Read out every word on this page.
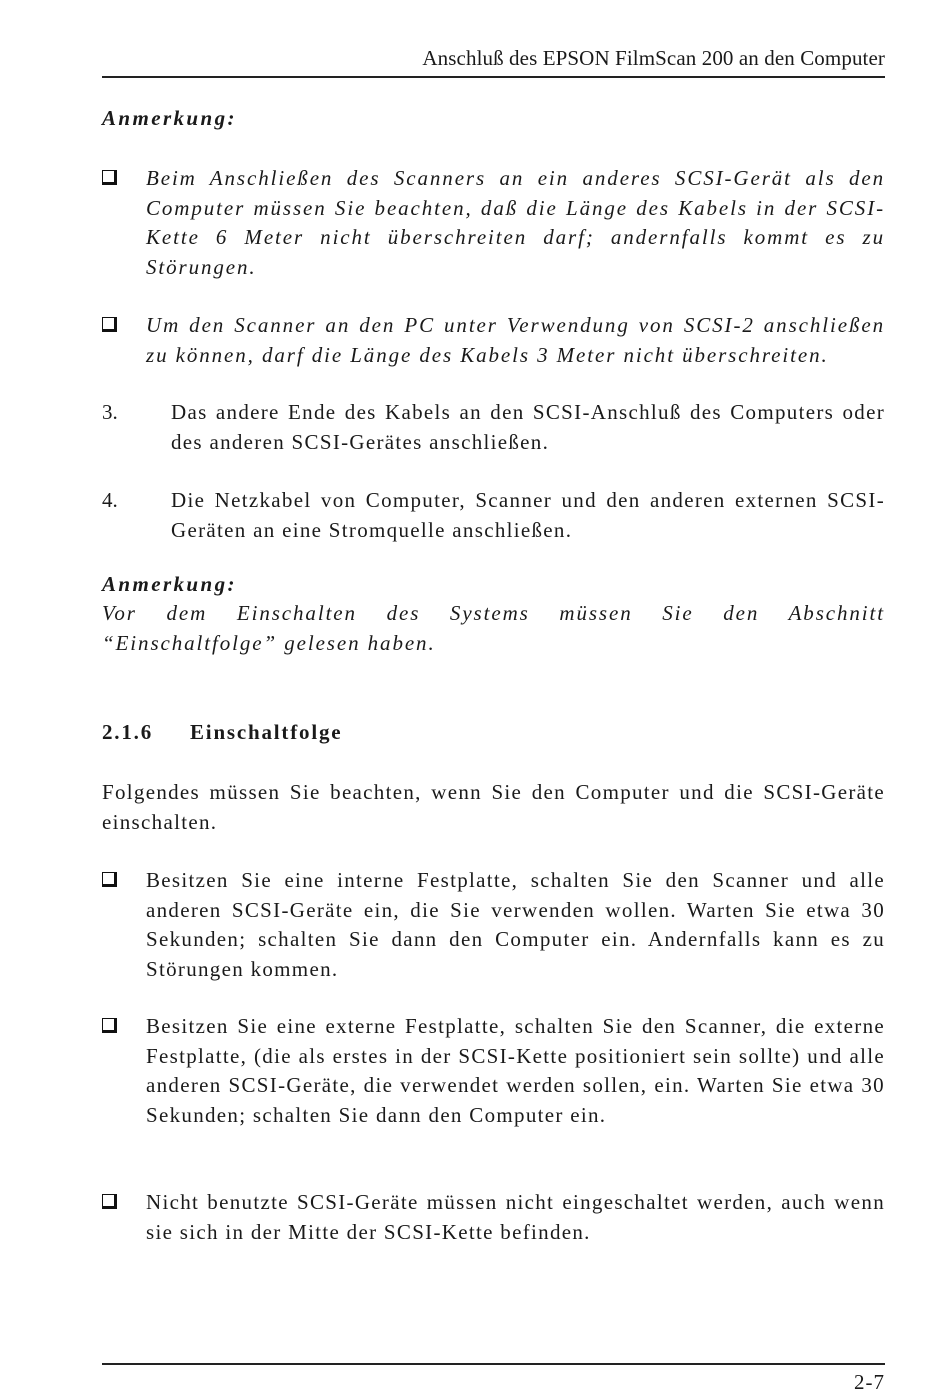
Anschluß des EPSON FilmScan 200 an den Computer
Anmerkung:
Beim Anschließen des Scanners an ein anderes SCSI-Gerät als den Computer müssen Sie beachten, daß die Länge des Kabels in der SCSI-Kette 6 Meter nicht überschreiten darf; andernfalls kommt es zu Störungen.
Um den Scanner an den PC unter Verwendung von SCSI-2 anschließen zu können, darf die Länge des Kabels 3 Meter nicht überschreiten.
3.	Das andere Ende des Kabels an den SCSI-Anschluß des Computers oder des anderen SCSI-Gerätes anschließen.
4.	Die Netzkabel von Computer, Scanner und den anderen externen SCSI-Geräten an eine Stromquelle anschließen.
Anmerkung:
Vor dem Einschalten des Systems müssen Sie den Abschnitt “Einschaltfolge” gelesen haben.
2.1.6 Einschaltfolge
Folgendes müssen Sie beachten, wenn Sie den Computer und die SCSI-Geräte einschalten.
Besitzen Sie eine interne Festplatte, schalten Sie den Scanner und alle anderen SCSI-Geräte ein, die Sie verwenden wollen. Warten Sie etwa 30 Sekunden; schalten Sie dann den Computer ein. Andernfalls kann es zu Störungen kommen.
Besitzen Sie eine externe Festplatte, schalten Sie den Scanner, die externe Festplatte, (die als erstes in der SCSI-Kette positioniert sein sollte) und alle anderen SCSI-Geräte, die verwendet werden sollen, ein. Warten Sie etwa 30 Sekunden; schalten Sie dann den Computer ein.
Nicht benutzte SCSI-Geräte müssen nicht eingeschaltet werden, auch wenn sie sich in der Mitte der SCSI-Kette befinden.
2-7
